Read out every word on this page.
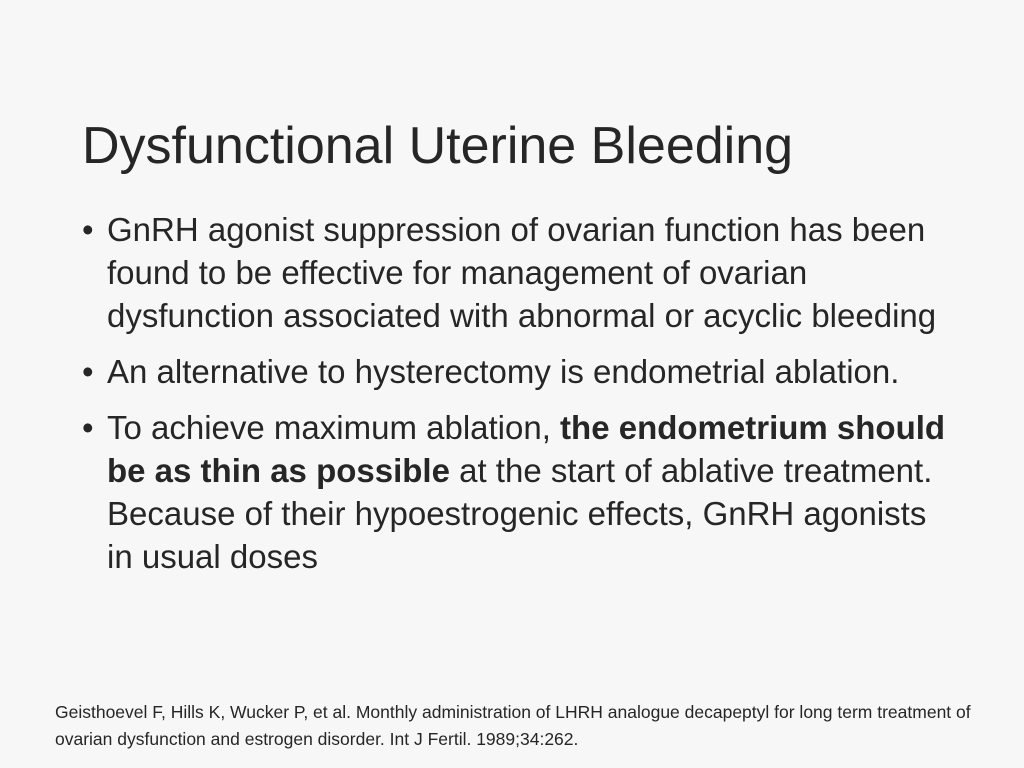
Dysfunctional Uterine Bleeding
• GnRH agonist suppression of ovarian function has been found to be effective for management of ovarian dysfunction associated with abnormal or acyclic bleeding
• An alternative to hysterectomy is endometrial ablation.
• To achieve maximum ablation, the endometrium should be as thin as possible at the start of ablative treatment. Because of their hypoestrogenic effects, GnRH agonists in usual doses
Geisthoevel F, Hills K, Wucker P, et al. Monthly administration of LHRH analogue decapeptyl for long term treatment of ovarian dysfunction and estrogen disorder. Int J Fertil. 1989;34:262.
